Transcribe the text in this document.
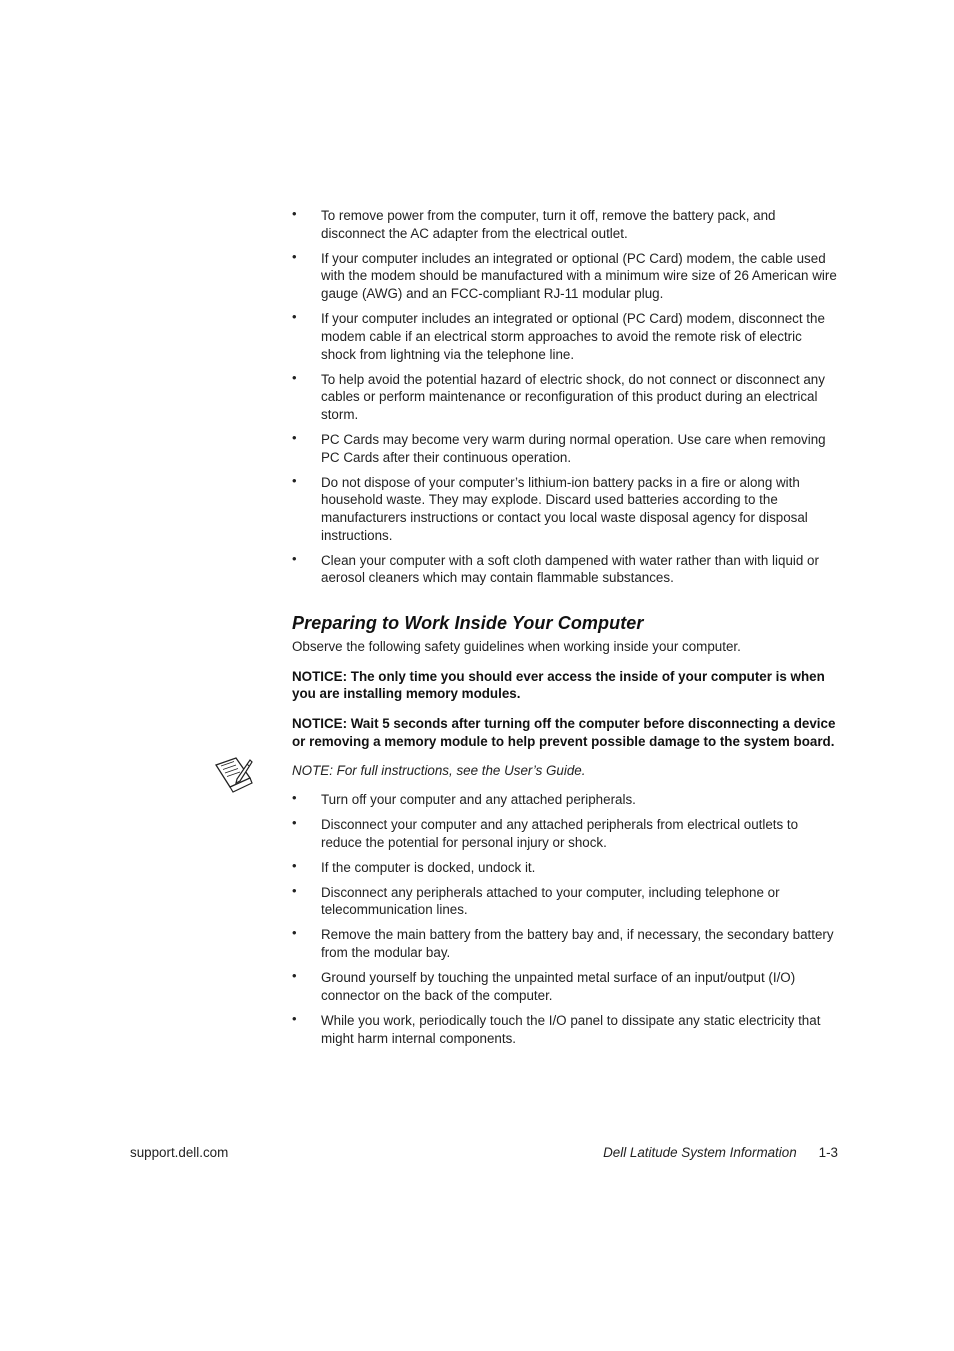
• To remove power from the computer, turn it off, remove the battery pack, and disconnect the AC adapter from the electrical outlet.
• If your computer includes an integrated or optional (PC Card) modem, the cable used with the modem should be manufactured with a minimum wire size of 26 American wire gauge (AWG) and an FCC-compliant RJ-11 modular plug.
• If your computer includes an integrated or optional (PC Card) modem, disconnect the modem cable if an electrical storm approaches to avoid the remote risk of electric shock from lightning via the telephone line.
• To help avoid the potential hazard of electric shock, do not connect or disconnect any cables or perform maintenance or reconfiguration of this product during an electrical storm.
• PC Cards may become very warm during normal operation. Use care when removing PC Cards after their continuous operation.
• Do not dispose of your computer’s lithium-ion battery packs in a fire or along with household waste. They may explode. Discard used batteries according to the manufacturers instructions or contact you local waste disposal agency for disposal instructions.
• Clean your computer with a soft cloth dampened with water rather than with liquid or aerosol cleaners which may contain flammable substances.
Preparing to Work Inside Your Computer

Observe the following safety guidelines when working inside your computer.

NOTICE: The only time you should ever access the inside of your computer is when you are installing memory modules.

NOTICE: Wait 5 seconds after turning off the computer before disconnecting a device or removing a memory module to help prevent possible damage to the system board.

NOTE: For full instructions, see the User’s Guide.

• Turn off your computer and any attached peripherals.
• Disconnect your computer and any attached peripherals from electrical outlets to reduce the potential for personal injury or shock.
• If the computer is docked, undock it.
• Disconnect any peripherals attached to your computer, including telephone or telecommunication lines.
• Remove the main battery from the battery bay and, if necessary, the secondary battery from the modular bay.
• Ground yourself by touching the unpainted metal surface of an input/output (I/O) connector on the back of the computer.
• While you work, periodically touch the I/O panel to dissipate any static electricity that might harm internal components.
support.dell.com	Dell Latitude System Information 1-3
